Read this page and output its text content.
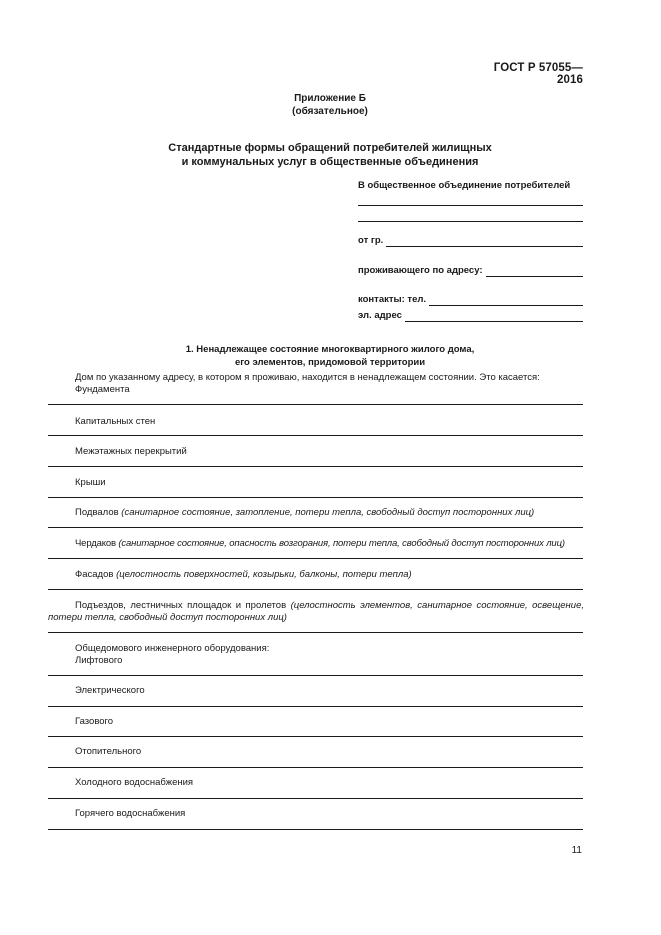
ГОСТ Р 57055—2016
Приложение Б
(обязательное)
Стандартные формы обращений потребителей жилищных
и коммунальных услуг в общественные объединения
В общественное объединение потребителей
от гр.
проживающего по адресу:
контакты: тел.
эл. адрес
1. Ненадлежащее состояние многоквартирного жилого дома,
его элементов, придомовой территории
Дом по указанному адресу, в котором я проживаю, находится в ненадлежащем состоянии. Это касается:
Фундамента
Капитальных стен
Межэтажных перекрытий
Крыши
Подвалов (санитарное состояние, затопление, потери тепла, свободный доступ посторонних лиц)
Чердаков (санитарное состояние, опасность возгорания, потери тепла, свободный доступ посторонних лиц)
Фасадов (целостность поверхностей, козырьки, балконы, потери тепла)
Подъездов, лестничных площадок и пролетов (целостность элементов, санитарное состояние, освещение, потери тепла, свободный доступ посторонних лиц)
Общедомового инженерного оборудования:
Лифтового
Электрического
Газового
Отопительного
Холодного водоснабжения
Горячего водоснабжения
11
